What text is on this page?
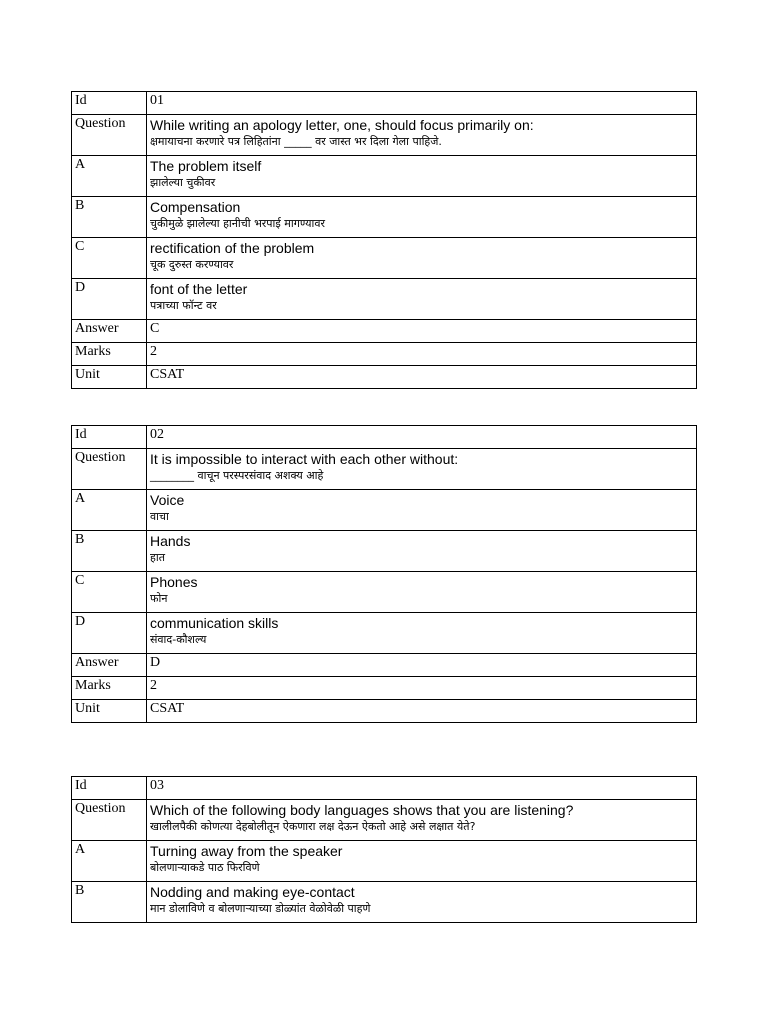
Id	01
Question	While writing an apology letter, one, should focus primarily on:
क्षमायाचना करणारे पत्र लिहितांना _____ वर जास्त भर दिला गेला पाहिजे.

A	The problem itself
झालेल्या चुकीवर

B	Compensation
चुकीमुळे झालेल्या हानीची भरपाई मागण्यावर

C	rectification of the problem
चूक दुरुस्त करण्यावर

D	font of the letter
पत्राच्या फॉन्ट वर

Answer	C
Marks	2
Unit	CSAT
Id	02
Question	It is impossible to interact with each other without:
________ वाचून परस्परसंवाद अशक्य आहे

A	Voice
वाचा

B	Hands
हात

C	Phones
फोन

D	communication skills
संवाद-कौशल्य

Answer	D
Marks	2
Unit	CSAT
Id	03
Question	Which of the following body languages shows that you are listening?
खालीलपैकी कोणत्या देहबोलीतून ऐकणारा लक्ष देऊन ऐकतो आहे असे लक्षात येते?

A	Turning away from the speaker
बोलणार्‍याकडे पाठ फिरविणे

B	Nodding and making eye-contact
मान डोलाविणे व बोलणाऱ्याच्या डोळ्यांत वेळोवेळी पाहणे
